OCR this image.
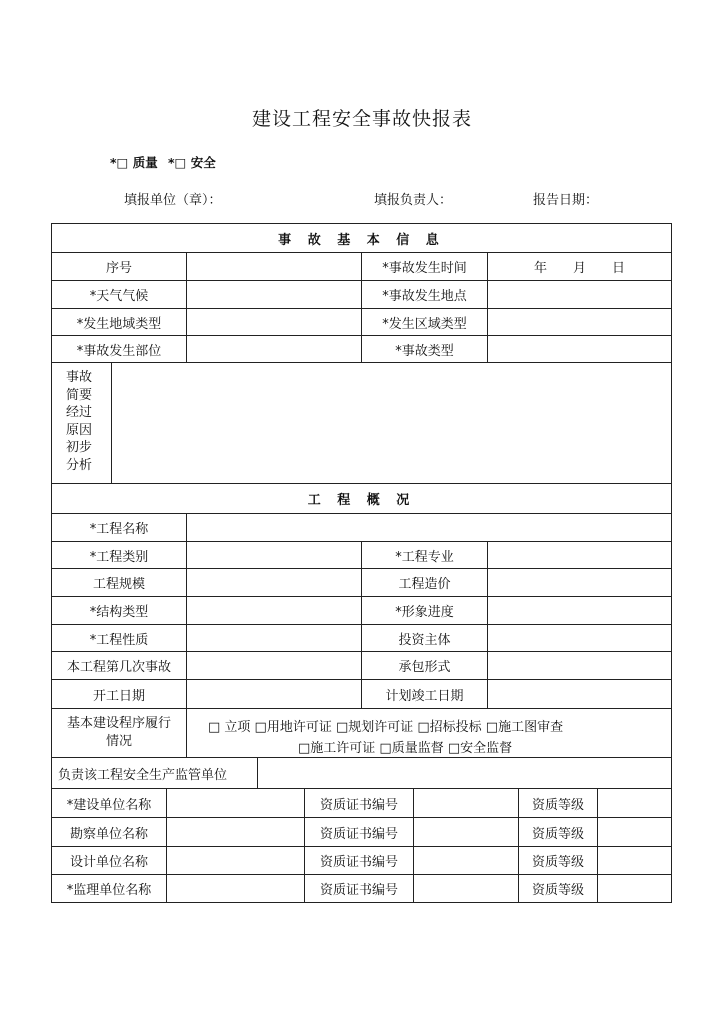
建设工程安全事故快报表
*□ 质量 *□ 安全
填报单位（章）：	填报负责人：	报告日期：
事 故 基 本 信 息
序号	*事故发生时间	年　　月　　日
*天气气候	*事故发生地点
*发生地域类型	*发生区域类型
*事故发生部位	*事故类型
事故简要经过原因初步分析
工 程 概 况
*工程名称
*工程类别	*工程专业
工程规模	工程造价
*结构类型	*形象进度
*工程性质	投资主体
本工程第几次事故	承包形式
开工日期	计划竣工日期
基本建设程序履行情况
□ 立项 □用地许可证 □规划许可证 □招标投标 □施工图审查
□施工许可证 □质量监督 □安全监督
负责该工程安全生产监管单位
*建设单位名称	资质证书编号	资质等级
勘察单位名称	资质证书编号	资质等级
设计单位名称	资质证书编号	资质等级
*监理单位名称	资质证书编号	资质等级
